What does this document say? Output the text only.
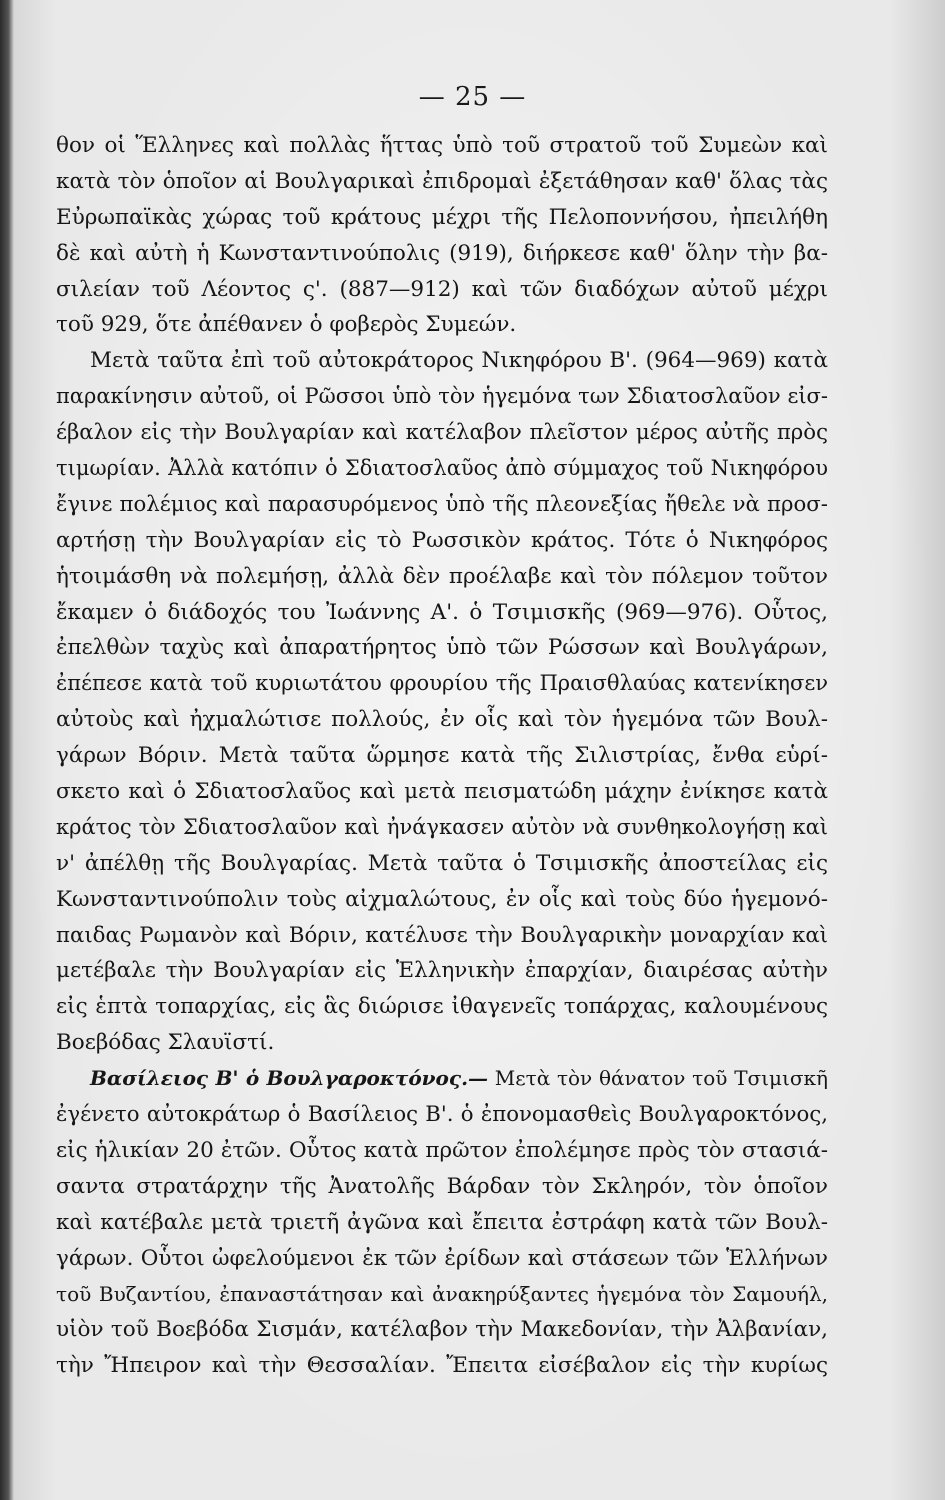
— 25 —
θον οἱ Ἕλληνες καὶ πολλὰς ἥττας ὑπὸ τοῦ στρατοῦ τοῦ Συμεὼν καὶ
κατὰ τὸν ὁποῖον αἱ Βουλγαρικαὶ ἐπιδρομαὶ ἐξετάθησαν καθ' ὅλας τὰς
Εὐρωπαϊκὰς χώρας τοῦ κράτους μέχρι τῆς Πελοποννήσου, ἠπειλήθη
δὲ καὶ αὐτὴ ἡ Κωνσταντινούπολις (919), διήρκεσε καθ' ὅλην τὴν βα-
σιλείαν τοῦ Λέοντος ς'. (887—912) καὶ τῶν διαδόχων αὐτοῦ μέχρι
τοῦ 929, ὅτε ἀπέθανεν ὁ φοβερὸς Συμεών.
Μετὰ ταῦτα ἐπὶ τοῦ αὐτοκράτορος Νικηφόρου Β'. (964—969) κατὰ
παρακίνησιν αὐτοῦ, οἱ Ρῶσσοι ὑπὸ τὸν ἡγεμόνα των Σδιατοσλαῦον εἰσ-
έβαλον εἰς τὴν Βουλγαρίαν καὶ κατέλαβον πλεῖστον μέρος αὐτῆς πρὸς
τιμωρίαν. Ἀλλὰ κατόπιν ὁ Σδιατοσλαῦος ἀπὸ σύμμαχος τοῦ Νικηφόρου
ἔγινε πολέμιος καὶ παρασυρόμενος ὑπὸ τῆς πλεονεξίας ἤθελε νὰ προσ-
αρτήσῃ τὴν Βουλγαρίαν εἰς τὸ Ρωσσικὸν κράτος. Τότε ὁ Νικηφόρος
ἡτοιμάσθη νὰ πολεμήσῃ, ἀλλὰ δὲν προέλαβε καὶ τὸν πόλεμον τοῦτον
ἔκαμεν ὁ διάδοχός του Ἰωάννης Α'. ὁ Τσιμισκῆς (969—976). Οὗτος,
ἐπελθὼν ταχὺς καὶ ἀπαρατήρητος ὑπὸ τῶν Ρώσσων καὶ Βουλγάρων,
ἐπέπεσε κατὰ τοῦ κυριωτάτου φρουρίου τῆς Πραισθλαύας κατενίκησεν
αὐτοὺς καὶ ἠχμαλώτισε πολλούς, ἐν οἷς καὶ τὸν ἡγεμόνα τῶν Βουλ-
γάρων Βόριν. Μετὰ ταῦτα ὥρμησε κατὰ τῆς Σιλιστρίας, ἔνθα εὑρί-
σκετο καὶ ὁ Σδιατοσλαῦος καὶ μετὰ πεισματώδη μάχην ἐνίκησε κατὰ
κράτος τὸν Σδιατοσλαῦον καὶ ἠνάγκασεν αὐτὸν νὰ συνθηκολογήσῃ καὶ
ν' ἀπέλθῃ τῆς Βουλγαρίας. Μετὰ ταῦτα ὁ Τσιμισκῆς ἀποστείλας εἰς
Κωνσταντινούπολιν τοὺς αἰχμαλώτους, ἐν οἷς καὶ τοὺς δύο ἡγεμονό-
παιδας Ρωμανὸν καὶ Βόριν, κατέλυσε τὴν Βουλγαρικὴν μοναρχίαν καὶ
μετέβαλε τὴν Βουλγαρίαν εἰς Ἑλληνικὴν ἐπαρχίαν, διαιρέσας αὐτὴν
εἰς ἑπτὰ τοπαρχίας, εἰς ἃς διώρισε ἰθαγενεῖς τοπάρχας, καλουμένους
Βοεβόδας Σλαυϊστί.
Βασίλειος Β' ὁ Βουλγαροκτόνος.— Μετὰ τὸν θάνατον τοῦ Τσιμισκῆ
ἐγένετο αὐτοκράτωρ ὁ Βασίλειος Β'. ὁ ἐπονομασθεὶς Βουλγαροκτόνος,
εἰς ἡλικίαν 20 ἐτῶν. Οὗτος κατὰ πρῶτον ἐπολέμησε πρὸς τὸν στασιά-
σαντα στρατάρχην τῆς Ἀνατολῆς Βάρδαν τὸν Σκληρόν, τὸν ὁποῖον
καὶ κατέβαλε μετὰ τριετῆ ἀγῶνα καὶ ἔπειτα ἐστράφη κατὰ τῶν Βουλ-
γάρων. Οὗτοι ὠφελούμενοι ἐκ τῶν ἐρίδων καὶ στάσεων τῶν Ἑλλήνων
τοῦ Βυζαντίου, ἐπαναστάτησαν καὶ ἀνακηρύξαντες ἡγεμόνα τὸν Σαμουήλ,
υἱὸν τοῦ Βοεβόδα Σισμάν, κατέλαβον τὴν Μακεδονίαν, τὴν Ἀλβανίαν,
τὴν Ἤπειρον καὶ τὴν Θεσσαλίαν. Ἔπειτα εἰσέβαλον εἰς τὴν κυρίως
